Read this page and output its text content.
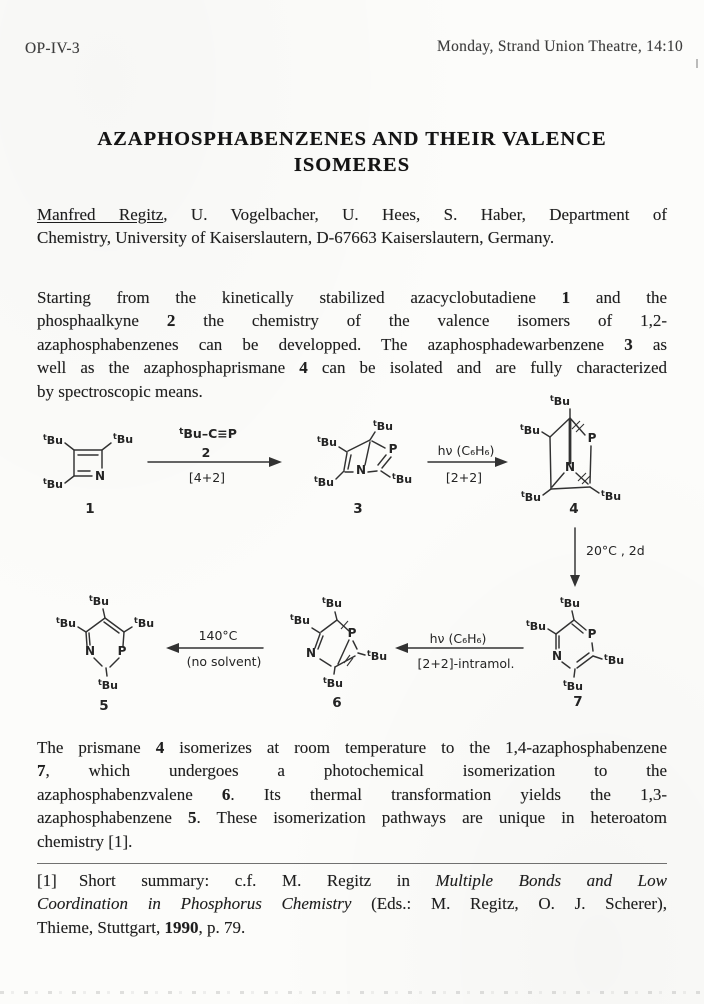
OP-IV-3	Monday, Strand Union Theatre, 14:10
AZAPHOSPHABENZENES AND THEIR VALENCE
ISOMERES
Manfred Regitz, U. Vogelbacher, U. Hees, S. Haber, Department of
Chemistry, University of Kaiserslautern, D-67663 Kaiserslautern, Germany.
Starting from the kinetically stabilized azacyclobutadiene 1 and the
phosphaalkyne 2 the chemistry of the valence isomers of 1,2-
azaphosphabenzenes can be developped. The azaphosphadewarbenzene 3 as
well as the azaphosphaprismane 4 can be isolated and are fully characterized
by spectroscopic means.
N
$^t$Bu	$^t$Bu
$^t$Bu
1
$^t$Bu–C≡P
2
[4+2]
P
N
$^t$Bu
$^t$Bu
$^t$Bu	$^t$Bu
3
hν (C₆H₆)
[2+2]
P
N
$^t$Bu
$^t$Bu
$^t$Bu	$^t$Bu
4
20°C , 2d
N P
$^t$Bu
$^t$Bu	$^t$Bu
$^t$Bu
5
140°C
(no solvent)
N
P
$^t$Bu
$^t$Bu
$^t$Bu
$^t$Bu
6
hν (C₆H₆)
[2+2]-intramol.
P
N
$^t$Bu
$^t$Bu
$^t$Bu
$^t$Bu
7
The prismane 4 isomerizes at room temperature to the 1,4-azaphosphabenzene
7, which undergoes a photochemical isomerization to the
azaphosphabenzvalene 6. Its thermal transformation yields the 1,3-
azaphosphabenzene 5. These isomerization pathways are unique in heteroatom
chemistry [1].
[1] Short summary: c.f. M. Regitz in Multiple Bonds and Low
Coordination in Phosphorus Chemistry (Eds.: M. Regitz, O. J. Scherer),
Thieme, Stuttgart, 1990, p. 79.
